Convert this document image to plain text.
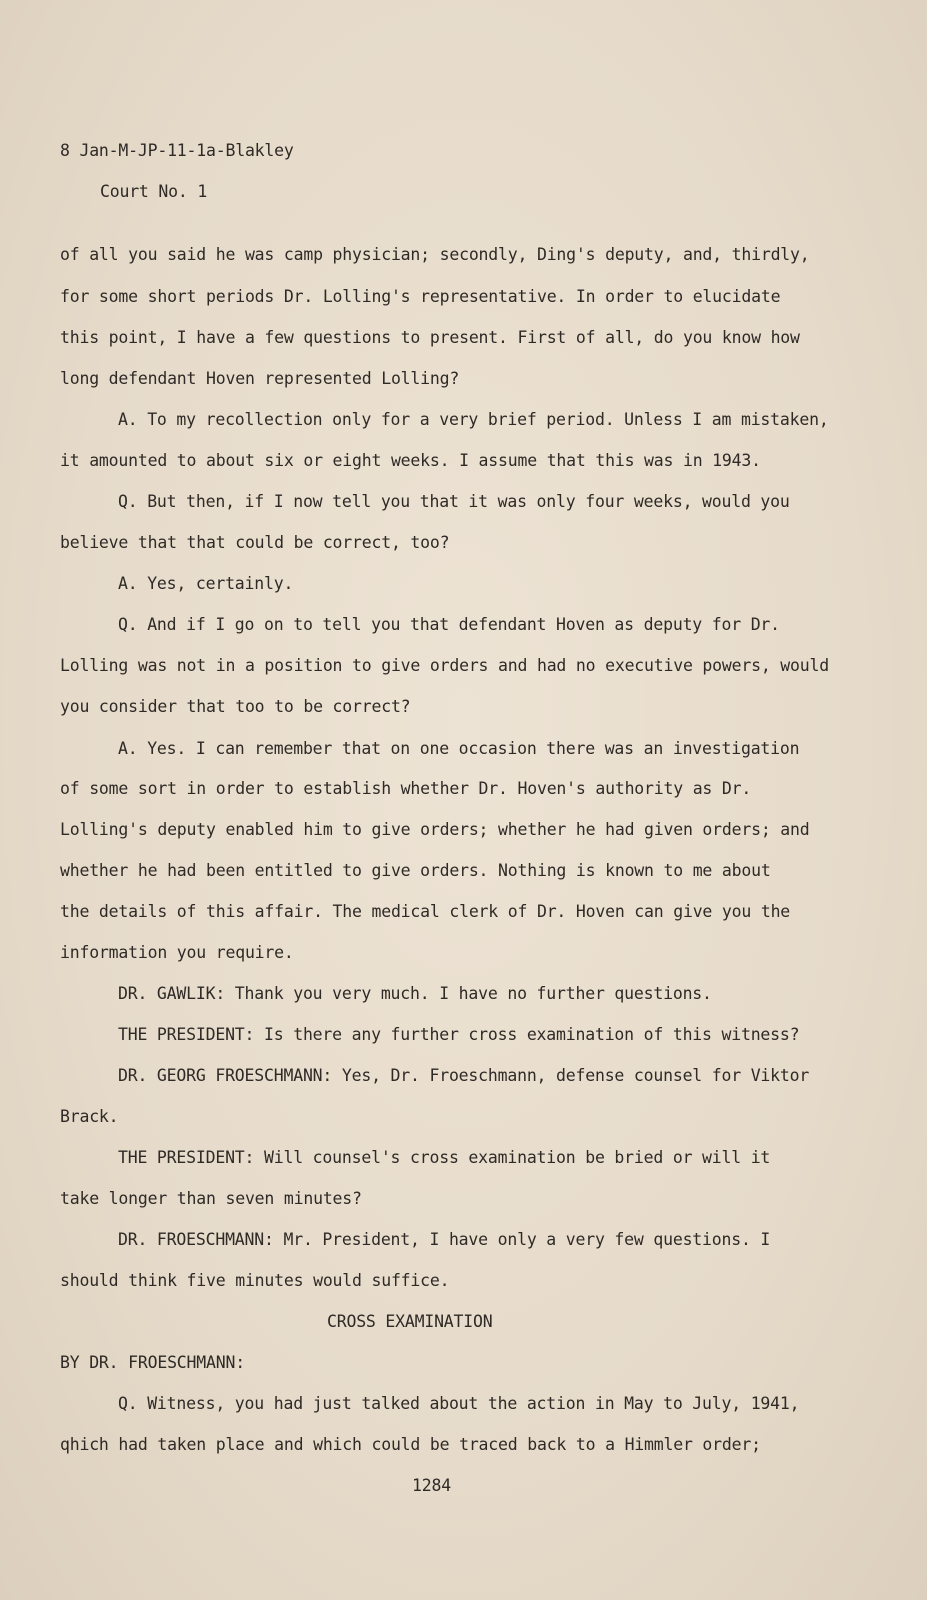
8 Jan-M-JP-11-1a-Blakley

Court No. 1

of all you said he was camp physician; secondly, Ding's deputy, and, thirdly,

for some short periods Dr. Lolling's representative. In order to elucidate

this point, I have a few questions to present. First of all, do you know how

long defendant Hoven represented Lolling?

A. To my recollection only for a very brief period. Unless I am mistaken,

it amounted to about six or eight weeks. I assume that this was in 1943.

Q. But then, if I now tell you that it was only four weeks, would you

believe that that could be correct, too?

A. Yes, certainly.

Q. And if I go on to tell you that defendant Hoven as deputy for Dr.

Lolling was not in a position to give orders and had no executive powers, would

you consider that too to be correct?

A. Yes. I can remember that on one occasion there was an investigation

of some sort in order to establish whether Dr. Hoven's authority as Dr.

Lolling's deputy enabled him to give orders; whether he had given orders; and

whether he had been entitled to give orders. Nothing is known to me about

the details of this affair. The medical clerk of Dr. Hoven can give you the

information you require.

DR. GAWLIK: Thank you very much. I have no further questions.

THE PRESIDENT: Is there any further cross examination of this witness?

DR. GEORG FROESCHMANN: Yes, Dr. Froeschmann, defense counsel for Viktor

Brack.

THE PRESIDENT: Will counsel's cross examination be bried or will it

take longer than seven minutes?

DR. FROESCHMANN: Mr. President, I have only a very few questions. I

should think five minutes would suffice.

CROSS EXAMINATION

BY DR. FROESCHMANN:

Q. Witness, you had just talked about the action in May to July, 1941,

qhich had taken place and which could be traced back to a Himmler order;

1284
